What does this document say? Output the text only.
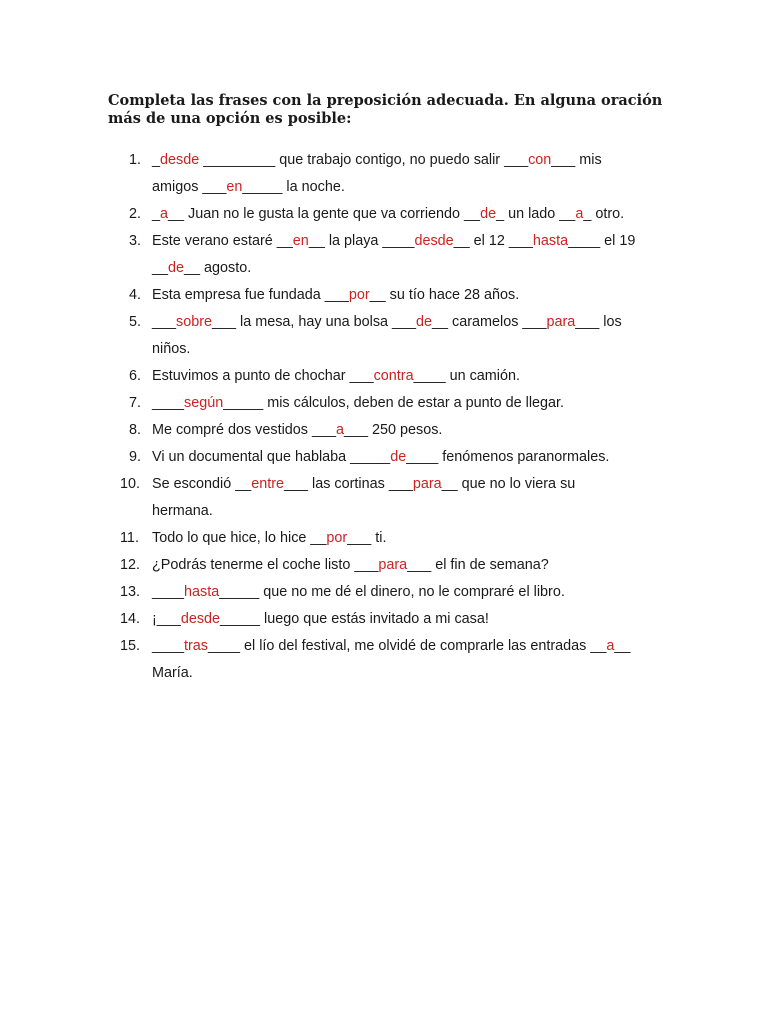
Completa las frases con la preposición adecuada. En alguna oración más de una opción es posible:

1. _desde _________ que trabajo contigo, no puedo salir ___con___ mis
amigos ___en_____ la noche.
2. _a__ Juan no le gusta la gente que va corriendo __de_ un lado __a_ otro.
3. Este verano estaré __en__ la playa ____desde__ el 12 ___hasta____ el 19
__de__ agosto.
4. Esta empresa fue fundada ___por__ su tío hace 28 años.
5. ___sobre___ la mesa, hay una bolsa ___de__ caramelos ___para___ los
niños.
6. Estuvimos a punto de chochar ___contra____ un camión.
7. ____según_____ mis cálculos, deben de estar a punto de llegar.
8. Me compré dos vestidos ___a___ 250 pesos.
9. Vi un documental que hablaba _____de____ fenómenos paranormales.
10. Se escondió __entre___ las cortinas ___para__ que no lo viera su
hermana.
11. Todo lo que hice, lo hice __por___ ti.
12. ¿Podrás tenerme el coche listo ___para___ el fin de semana?
13. ____hasta_____ que no me dé el dinero, no le compraré el libro.
14. ¡___desde_____ luego que estás invitado a mi casa!
15. ____tras____ el lío del festival, me olvidé de comprarle las entradas __a__
María.
